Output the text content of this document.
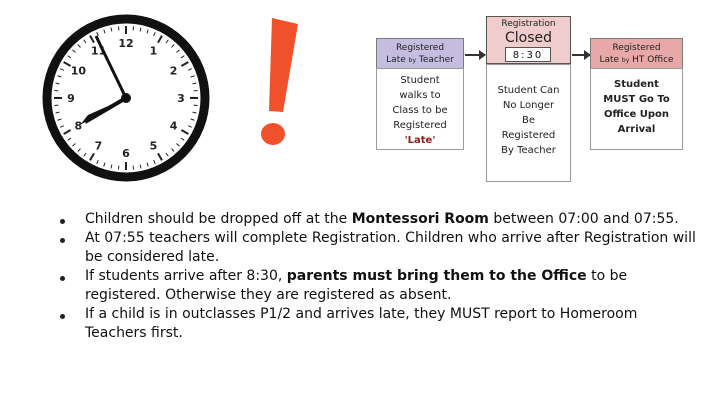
12
1
2
3
4
5
6
7
8
9
10
11	Registered
Late by Teacher
Student
walks to
Class to be
Registered
'Late'
Registration
Closed
8:30
Student Can
No Longer
Be
Registered
By Teacher
Registered
Late by HT Office
Student
MUST Go To
Office Upon
Arrival
Children should be dropped off at the Montessori Room between 07:00 and 07:55.
At 07:55 teachers will complete Registration. Children who arrive after Registration will be considered late.
If students arrive after 8:30, parents must bring them to the Office to be registered. Otherwise they are registered as absent.
If a child is in outclasses P1/2 and arrives late, they MUST report to Homeroom Teachers first.
